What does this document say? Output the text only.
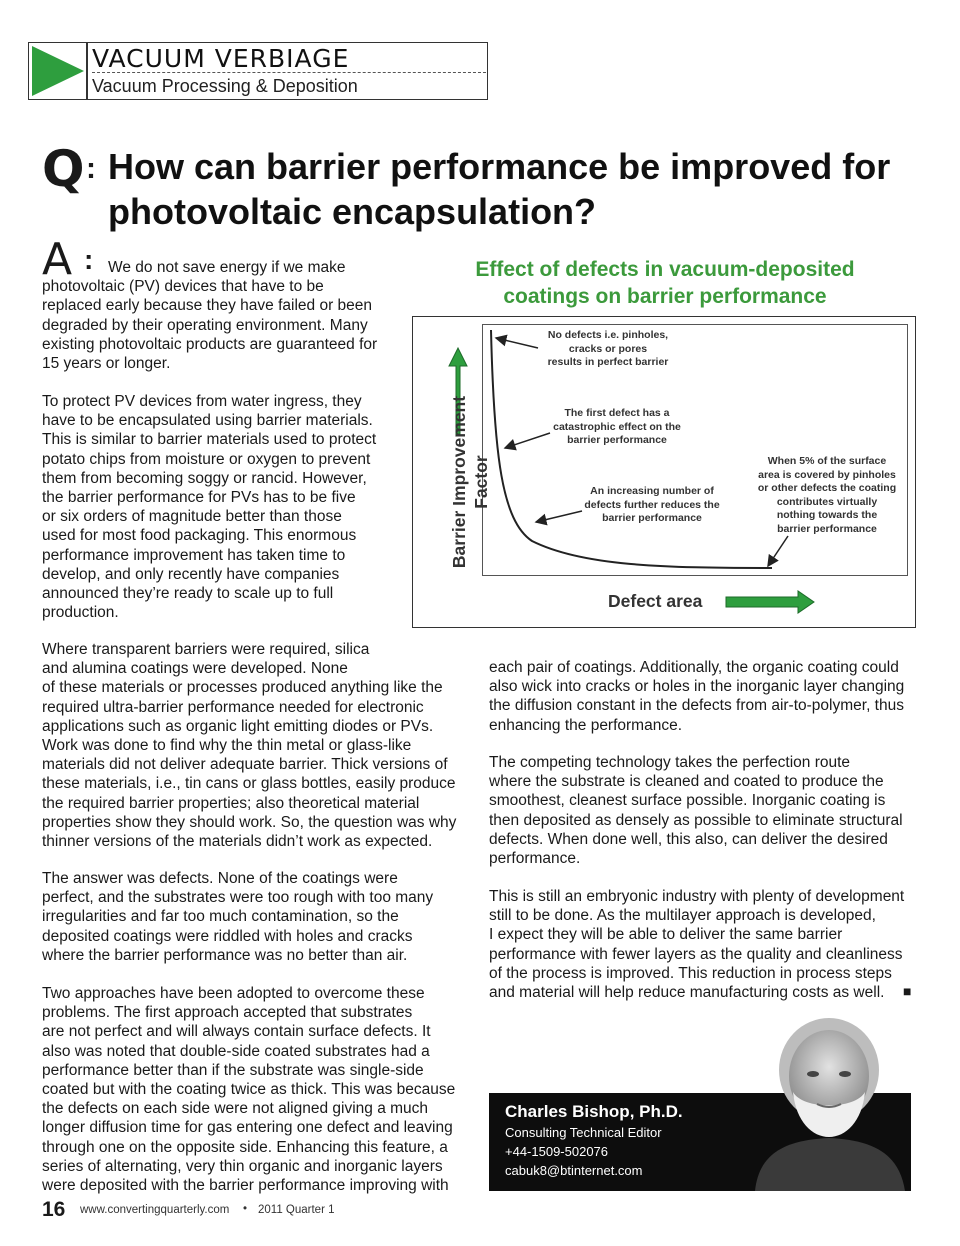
VACUUM VERBIAGE
Vacuum Processing & Deposition
Q : How can barrier performance be improved for photovoltaic encapsulation?
A : We do not save energy if we make
photovoltaic (PV) devices that have to be
replaced early because they have failed or been
degraded by their operating environment. Many
existing photovoltaic products are guaranteed for
15 years or longer.

To protect PV devices from water ingress, they
have to be encapsulated using barrier materials.
This is similar to barrier materials used to protect
potato chips from moisture or oxygen to prevent
them from becoming soggy or rancid. However,
the barrier performance for PVs has to be five
or six orders of magnitude better than those
used for most food packaging. This enormous
performance improvement has taken time to
develop, and only recently have companies
announced they’re ready to scale up to full
production.

Where transparent barriers were required, silica
and alumina coatings were developed. None
of these materials or processes produced anything like the
required ultra-barrier performance needed for electronic
applications such as organic light emitting diodes or PVs.
Work was done to find why the thin metal or glass-like
materials did not deliver adequate barrier. Thick versions of
these materials, i.e., tin cans or glass bottles, easily produce
the required barrier properties; also theoretical material
properties show they should work. So, the question was why
thinner versions of the materials didn’t work as expected.

The answer was defects. None of the coatings were
perfect, and the substrates were too rough with too many
irregularities and far too much contamination, so the
deposited coatings were riddled with holes and cracks
where the barrier performance was no better than air.

Two approaches have been adopted to overcome these
problems. The first approach accepted that substrates
are not perfect and will always contain surface defects. It
also was noted that double-side coated substrates had a
performance better than if the substrate was single-side
coated but with the coating twice as thick. This was because
the defects on each side were not aligned giving a much
longer diffusion time for gas entering one defect and leaving
through one on the opposite side. Enhancing this feature, a
series of alternating, very thin organic and inorganic layers
were deposited with the barrier performance improving with

each pair of coatings. Additionally, the organic coating could
also wick into cracks or holes in the inorganic layer changing
the diffusion constant in the defects from air-to-polymer, thus
enhancing the performance.

The competing technology takes the perfection route
where the substrate is cleaned and coated to produce the
smoothest, cleanest surface possible. Inorganic coating is
then deposited as densely as possible to eliminate structural
defects. When done well, this also, can deliver the desired
performance.

This is still an embryonic industry with plenty of development
still to be done. As the multilayer approach is developed,
I expect they will be able to deliver the same barrier
performance with fewer layers as the quality and cleanliness
of the process is improved. This reduction in process steps
and material will help reduce manufacturing costs as well.	■
Effect of defects in vacuum-deposited
coatings on barrier performance
No defects i.e. pinholes,
cracks or pores
results in perfect barrier
The first defect has a
catastrophic effect on the
barrier performance
An increasing number of
defects further reduces the
barrier performance
When 5% of the surface
area is covered by pinholes
or other defects the coating
contributes virtually
nothing towards the
barrier performance
Barrier Improvement
Factor
Defect area
Charles Bishop, Ph.D.
Consulting Technical Editor
+44-1509-502076
cabuk8@btinternet.com
16 www.convertingquarterly.com • 2011 Quarter 1
